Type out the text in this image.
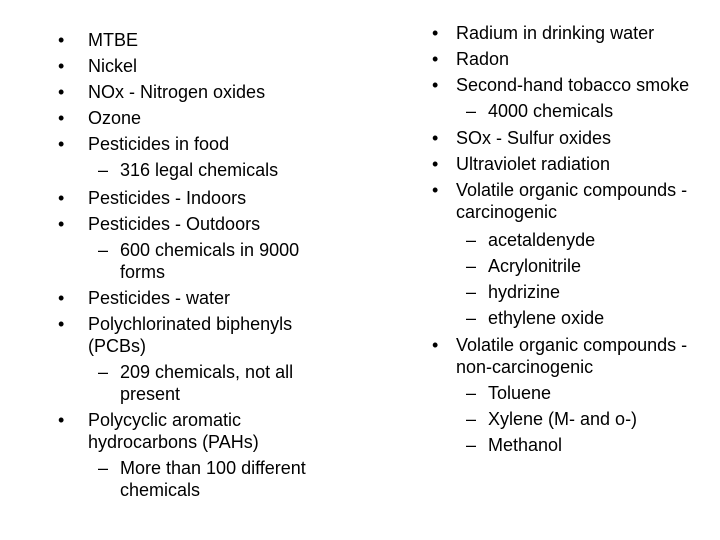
•	MTBE
•	Nickel
•	NOx - Nitrogen oxides
•	Ozone
•	Pesticides in food
– 316 legal chemicals
•	Pesticides - Indoors
•	Pesticides - Outdoors
– 600 chemicals in 9000 forms
•	Pesticides - water
•	Polychlorinated biphenyls (PCBs)
– 209 chemicals, not all present
•	Polycyclic aromatic hydrocarbons (PAHs)
– More than 100 different chemicals
• Radium in drinking water
• Radon
• Second-hand tobacco smoke
– 4000 chemicals
• SOx - Sulfur oxides
• Ultraviolet radiation
• Volatile organic compounds - carcinogenic
– acetaldenyde
– Acrylonitrile
– hydrizine
– ethylene oxide
• Volatile organic compounds - non-carcinogenic
– Toluene
– Xylene (M- and o-)
– Methanol
